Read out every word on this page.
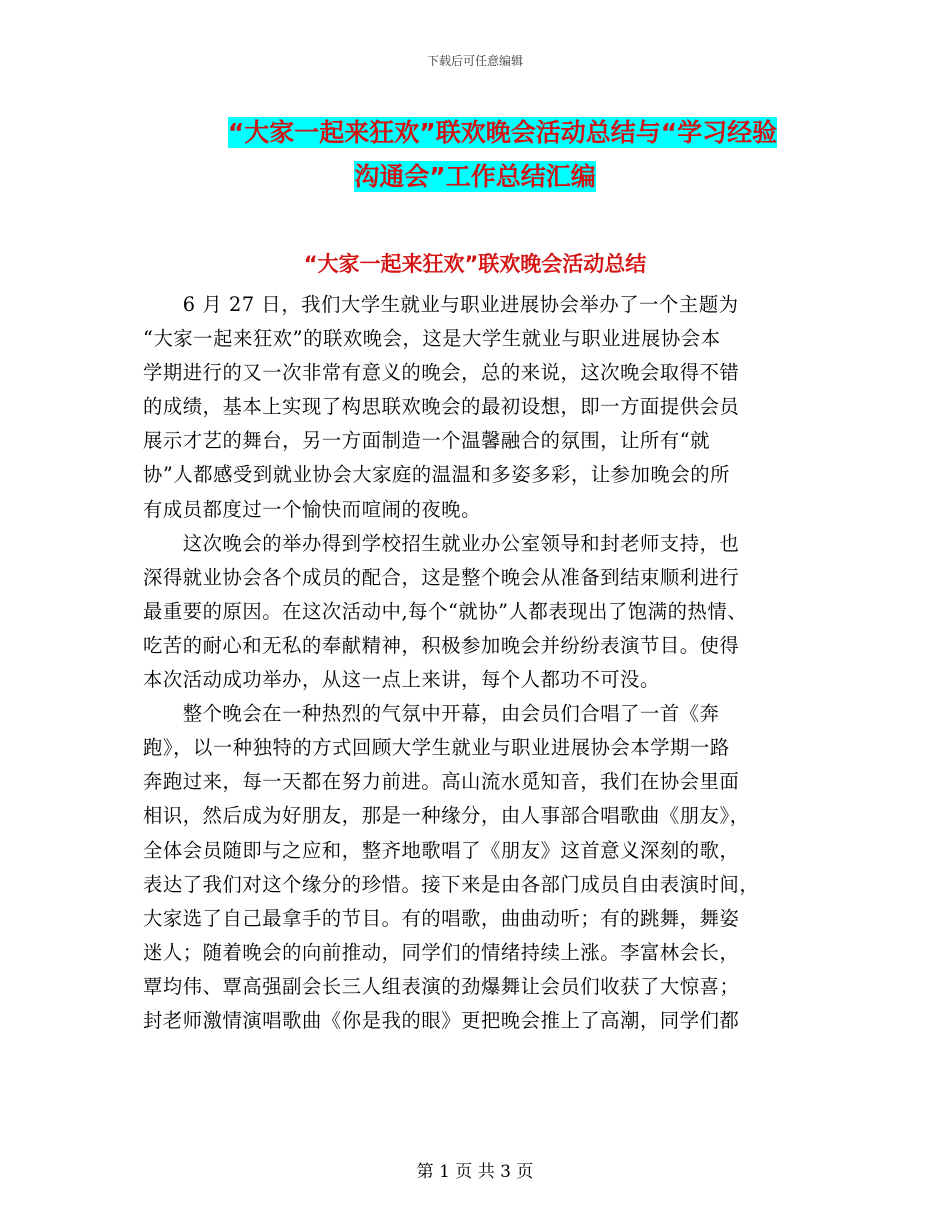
下载后可任意编辑
“大家一起来狂欢”联欢晚会活动总结与“学习经验
沟通会”工作总结汇编
“大家一起来狂欢”联欢晚会活动总结
　　6 月 27 日，我们大学生就业与职业进展协会举办了一个主题为
“大家一起来狂欢”的联欢晚会，这是大学生就业与职业进展协会本
学期进行的又一次非常有意义的晚会，总的来说，这次晚会取得不错
的成绩，基本上实现了构思联欢晚会的最初设想，即一方面提供会员
展示才艺的舞台，另一方面制造一个温馨融合的氛围，让所有“就
协”人都感受到就业协会大家庭的温温和多姿多彩，让参加晚会的所
有成员都度过一个愉快而喧闹的夜晚。
　　这次晚会的举办得到学校招生就业办公室领导和封老师支持，也
深得就业协会各个成员的配合，这是整个晚会从准备到结束顺利进行
最重要的原因。在这次活动中,每个“就协”人都表现出了饱满的热情、
吃苦的耐心和无私的奉献精神，积极参加晚会并纷纷表演节目。使得
本次活动成功举办，从这一点上来讲，每个人都功不可没。
　　整个晚会在一种热烈的气氛中开幕，由会员们合唱了一首《奔
跑》，以一种独特的方式回顾大学生就业与职业进展协会本学期一路
奔跑过来，每一天都在努力前进。高山流水觅知音，我们在协会里面
相识，然后成为好朋友，那是一种缘分，由人事部合唱歌曲《朋友》，
全体会员随即与之应和，整齐地歌唱了《朋友》这首意义深刻的歌，
表达了我们对这个缘分的珍惜。接下来是由各部门成员自由表演时间，
大家选了自己最拿手的节目。有的唱歌，曲曲动听；有的跳舞，舞姿
迷人；随着晚会的向前推动，同学们的情绪持续上涨。李富林会长，
覃均伟、覃高强副会长三人组表演的劲爆舞让会员们收获了大惊喜；
封老师激情演唱歌曲《你是我的眼》更把晚会推上了高潮，同学们都
第 1 页 共 3 页
